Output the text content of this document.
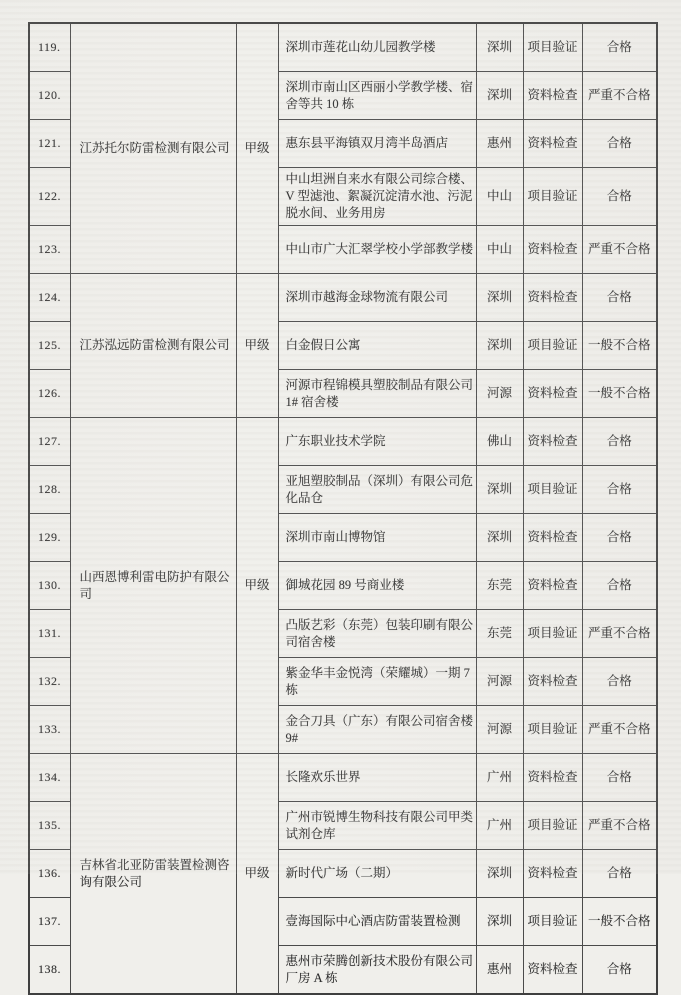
119.	江苏托尔防雷检测有限公司	甲级	深圳市莲花山幼儿园教学楼	深圳	项目验证	合格
120.			深圳市南山区西丽小学教学楼、宿舍等共 10 栋	深圳	资料检查	严重不合格
121.			惠东县平海镇双月湾半岛酒店	惠州	资料检查	合格
122.			中山坦洲自来水有限公司综合楼、V 型滤池、絮凝沉淀清水池、污泥脱水间、业务用房	中山	项目验证	合格
123.			中山市广大汇翠学校小学部教学楼	中山	资料检查	严重不合格
124.	江苏泓远防雷检测有限公司	甲级	深圳市越海金球物流有限公司	深圳	资料检查	合格
125.			白金假日公寓	深圳	项目验证	一般不合格
126.			河源市程锦模具塑胶制品有限公司 1# 宿舍楼	河源	资料检查	一般不合格
127.	山西恩博利雷电防护有限公司	甲级	广东职业技术学院	佛山	资料检查	合格
128.			亚旭塑胶制品（深圳）有限公司危化品仓	深圳	项目验证	合格
129.			深圳市南山博物馆	深圳	资料检查	合格
130.			御城花园 89 号商业楼	东莞	资料检查	合格
131.			凸版艺彩（东莞）包装印刷有限公司宿舍楼	东莞	项目验证	严重不合格
132.			紫金华丰金悦湾（荣耀城）一期 7 栋	河源	资料检查	合格
133.			金合刀具（广东）有限公司宿舍楼 9#	河源	项目验证	严重不合格
134.	吉林省北亚防雷装置检测咨询有限公司	甲级	长隆欢乐世界	广州	资料检查	合格
135.			广州市锐博生物科技有限公司甲类试剂仓库	广州	项目验证	严重不合格
136.			新时代广场（二期）	深圳	资料检查	合格
137.			壹海国际中心酒店防雷装置检测	深圳	项目验证	一般不合格
138.			惠州市荣腾创新技术股份有限公司厂房 A 栋	惠州	资料检查	合格
